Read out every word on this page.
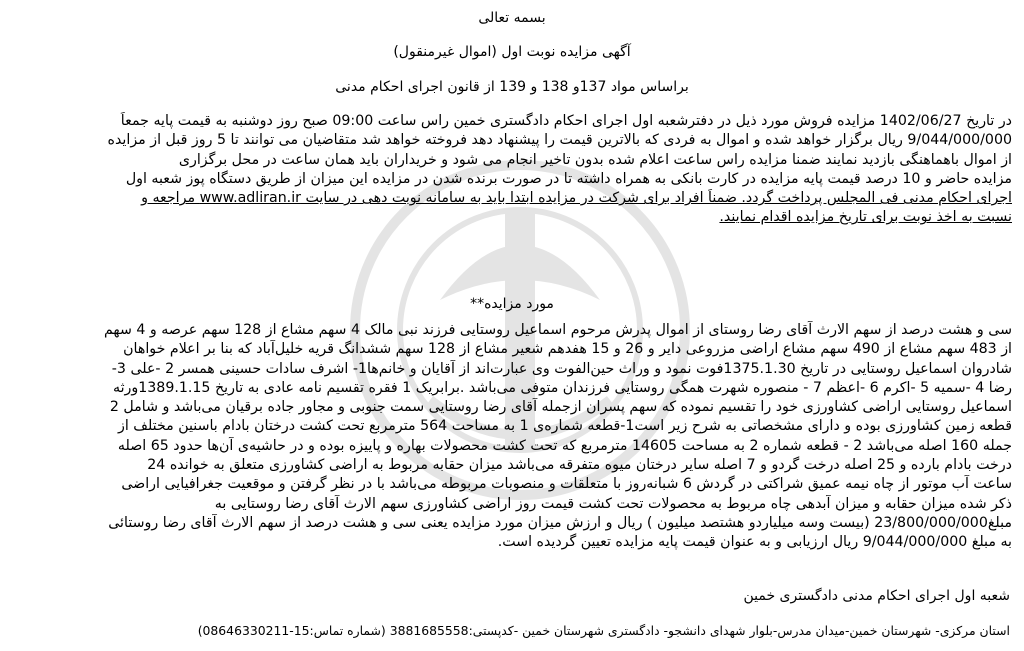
بسمه تعالی
آگهی مزایده نوبت اول (اموال غیرمنقول)
براساس مواد 137و 138 و 139 از قانون اجرای احکام مدنی
در تاریخ 1402/06/27 مزایده فروش مورد ذیل در دفترشعبه اول اجرای احکام دادگستری خمین راس ساعت 09:00 صبح روز دوشنبه به قیمت پایه جمعاً
9/044/000/000 ریال برگزار خواهد شده و اموال به فردی که بالاترین قیمت را پیشنهاد دهد فروخته خواهد شد متقاضیان می توانند تا 5 روز قبل از مزایده
از اموال باهماهنگی بازدید نمایند ضمنا مزایده راس ساعت اعلام شده بدون تاخیر انجام می شود و خریداران باید همان ساعت در محل برگزاری
مزایده حاضر و 10 درصد قیمت پایه مزایده در کارت بانکی به همراه داشته تا در صورت برنده شدن در مزایده این میزان از طریق دستگاه پوز شعبه اول
اجرای احکام مدنی فی المجلس پرداخت گردد. ضمناً افراد برای شرکت در مزایده ابتدا باید به سامانه نوبت دهی در سایت www.adliran.ir مراجعه و
نسبت به اخذ نوبت برای تاریخ مزایده اقدام نمایند.
مورد مزایده**
سی و هشت درصد از سهم الارث آقای رضا روستای از اموال پدرش مرحوم اسماعیل روستایی فرزند نبی مالک 4 سهم مشاع از 128 سهم عرصه و 4 سهم
از 483 سهم مشاع از 490 سهم مشاع اراضی مزروعی دایر و 26 و 15 هفدهم شعیر مشاع از 128 سهم ششدانگ قریه خلیل‌آباد که بنا بر اعلام خواهان
شادروان اسماعیل روستایی در تاریخ 1375.1.30فوت نمود و وراث حین‌الفوت وی عبارت‌اند از آقایان و خانم‌ها1- اشرف سادات حسینی همسر 2 -علی 3-
رضا 4 -سمیه 5 -اکرم 6 -اعظم 7 - منصوره شهرت همگی روستایی فرزندان متوفی می‌باشد .برابریک 1 فقره تقسیم نامه عادی به تاریخ 1389.1.15ورثه
اسماعیل روستایی اراضی کشاورزی خود را تقسیم نموده که سهم پسران ازجمله آقای رضا روستایی سمت جنوبی و مجاور جاده برقیان می‌باشد و شامل 2
قطعه زمین کشاورزی بوده و دارای مشخصاتی به شرح زیر است1-قطعه شماره‌ی 1 به مساحت 564 مترمربع تحت کشت درختان بادام باسنین مختلف از
جمله 160 اصله می‌باشد 2 - قطعه شماره 2 به مساحت 14605 مترمربع که تحت کشت محصولات بهاره و پاییزه بوده و در حاشیه‌ی آن‌ها حدود 65 اصله
درخت بادام بارده و 25 اصله درخت گردو و 7 اصله سایر درختان میوه متفرقه می‌باشد میزان حقابه مربوط به اراضی کشاورزی متعلق به خوانده 24
ساعت آب موتور از چاه نیمه عمیق شراکتی در گردش 6 شبانه‌روز با متعلقات و منصوبات مربوطه می‌باشد با در نظر گرفتن و موقعیت جغرافیایی اراضی
ذکر شده میزان حقابه و میزان آبدهی چاه مربوط به محصولات تحت کشت قیمت روز اراضی کشاورزی سهم الارث آقای رضا روستایی به
مبلغ23/800/000/000 (بیست وسه میلیاردو هشتصد میلیون ) ریال و ارزش میزان مورد مزایده یعنی سی و هشت درصد از سهم الارث آقای رضا روستائی
به مبلغ 9/044/000/000 ریال ارزیابی و به عنوان قیمت پایه مزایده تعیین گردیده است.
شعبه اول اجرای احکام مدنی دادگستری خمین
استان مرکزی- شهرستان خمین-میدان مدرس-بلوار شهدای دانشجو- دادگستری شهرستان خمین -کدپستی:3881685558 (شماره تماس:15-08646330211)
